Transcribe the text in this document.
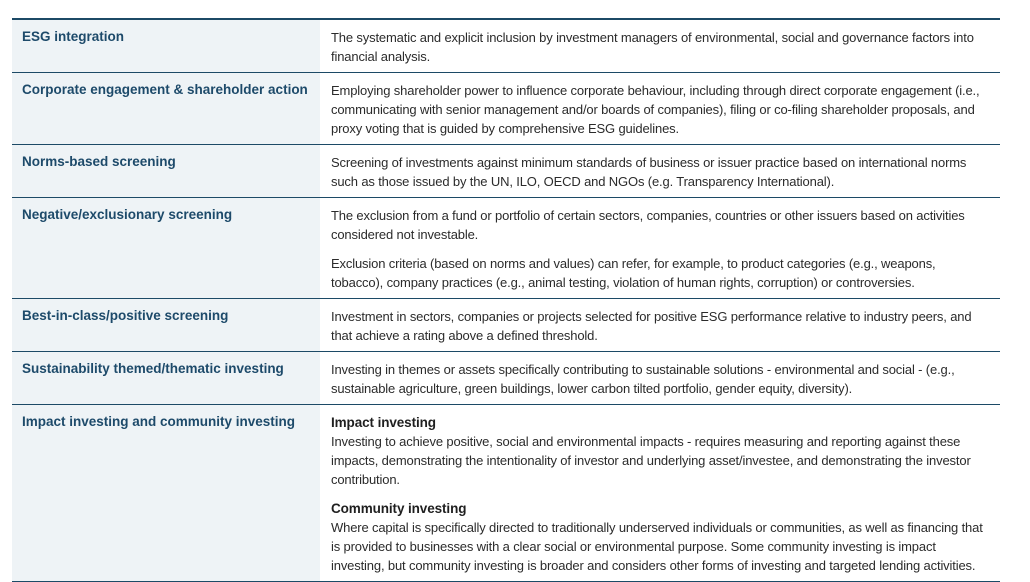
ESG integration	The systematic and explicit inclusion by investment managers of environmental, social and governance factors into financial analysis.

Corporate engagement & shareholder action	Employing shareholder power to influence corporate behaviour, including through direct corporate engagement (i.e., communicating with senior management and/or boards of companies), filing or co-filing shareholder proposals, and proxy voting that is guided by comprehensive ESG guidelines.

Norms-based screening	Screening of investments against minimum standards of business or issuer practice based on international norms such as those issued by the UN, ILO, OECD and NGOs (e.g. Transparency International).

Negative/exclusionary screening	The exclusion from a fund or portfolio of certain sectors, companies, countries or other issuers based on activities considered not investable.

Exclusion criteria (based on norms and values) can refer, for example, to product categories (e.g., weapons, tobacco), company practices (e.g., animal testing, violation of human rights, corruption) or controversies.

Best-in-class/positive screening	Investment in sectors, companies or projects selected for positive ESG performance relative to industry peers, and that achieve a rating above a defined threshold.

Sustainability themed/thematic investing	Investing in themes or assets specifically contributing to sustainable solutions - environmental and social - (e.g., sustainable agriculture, green buildings, lower carbon tilted portfolio, gender equity, diversity).

Impact investing and community investing	Impact investing

Investing to achieve positive, social and environmental impacts - requires measuring and reporting against these impacts, demonstrating the intentionality of investor and underlying asset/investee, and demonstrating the investor contribution.

Community investing

Where capital is specifically directed to traditionally underserved individuals or communities, as well as financing that is provided to businesses with a clear social or environmental purpose. Some community investing is impact investing, but community investing is broader and considers other forms of investing and targeted lending activities.
